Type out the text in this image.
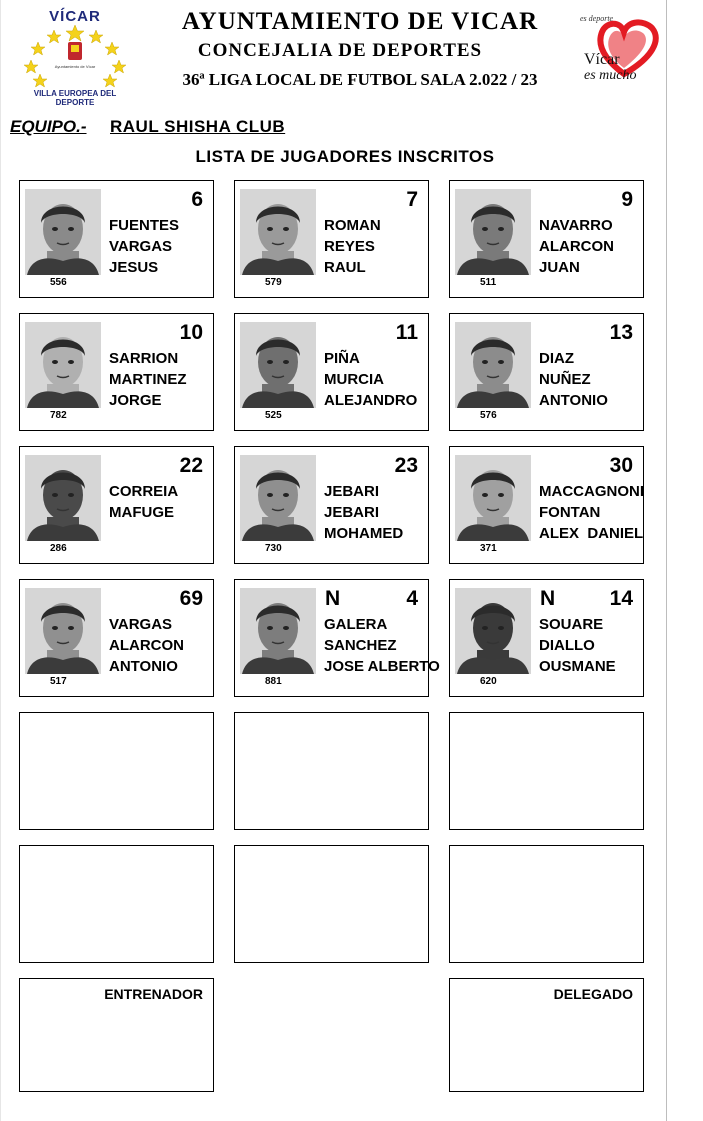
VÍCAR
Ayuntamiento de Vícar
VILLA EUROPEA DEL DEPORTE
AYUNTAMIENTO DE VICAR
CONCEJALIA DE DEPORTES
36ª LIGA LOCAL DE FUTBOL SALA 2.022 / 23
es deporte
Vícar
es mucho
EQUIPO.- RAUL SHISHA CLUB
LISTA DE JUGADORES INSCRITOS
6
FUENTES
VARGAS
JESUS
556
7
ROMAN
REYES
RAUL
579
9
NAVARRO
ALARCON
JUAN
511
10
SARRION
MARTINEZ
JORGE
782
11
PIÑA
MURCIA
ALEJANDRO
525
13
DIAZ
NUÑEZ
ANTONIO
576
22
CORREIA
MAFUGE
286
23
JEBARI
JEBARI
MOHAMED
730
30
MACCAGNONI
FONTAN
ALEX  DANIEL
371
69
VARGAS
ALARCON
ANTONIO
517
N	4
GALERA
SANCHEZ
JOSE ALBERTO
881
N	14
SOUARE
DIALLO
OUSMANE
620
ENTRENADOR	DELEGADO
